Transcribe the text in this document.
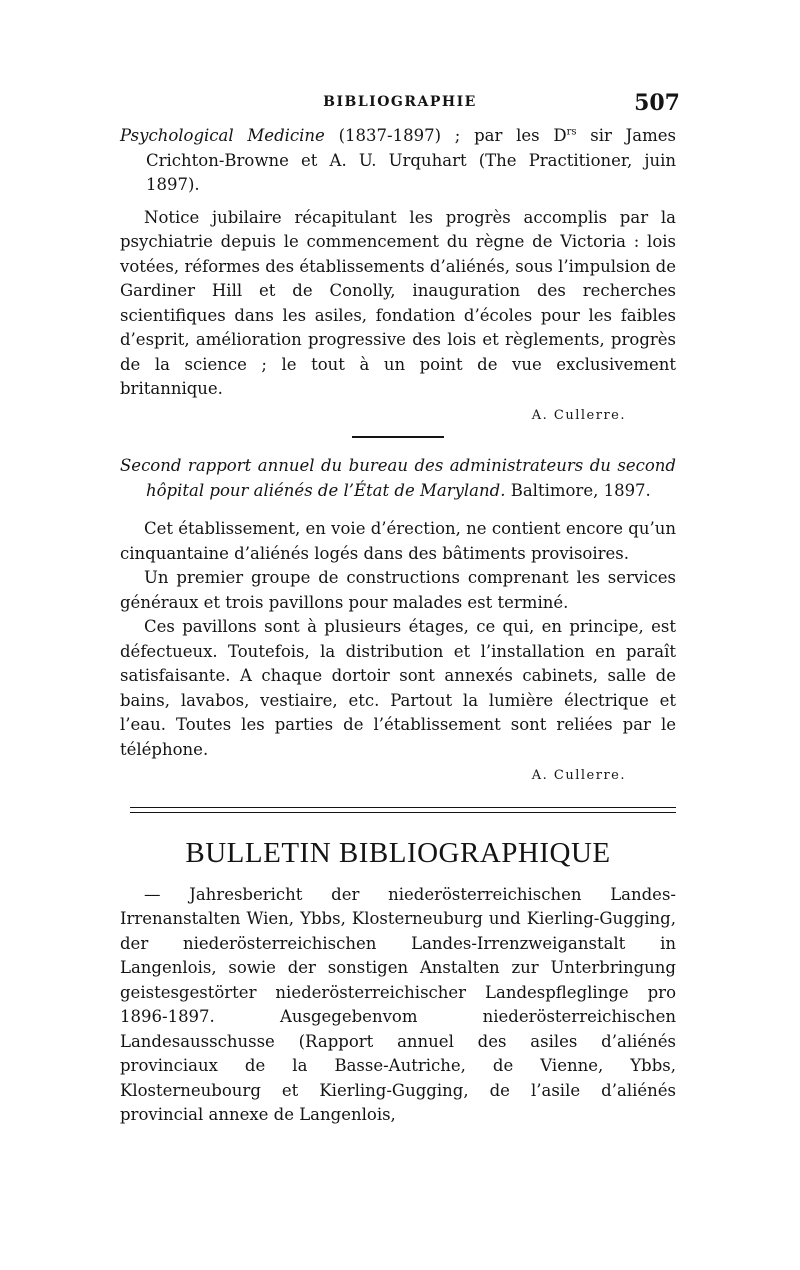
BIBLIOGRAPHIE	507

Psychological Medicine (1837-1897) ; par les $D^{rs}$ sir James Crichton-Browne et A. U. Urquhart (The Practitioner, juin 1897).

Notice jubilaire récapitulant les progrès accomplis par la psychiatrie depuis le commencement du règne de Victoria : lois votées, réformes des établissements d’aliénés, sous l’impulsion de Gardiner Hill et de Conolly, inauguration des recherches scientifiques dans les asiles, fondation d’écoles pour les faibles d’esprit, amélioration progressive des lois et règlements, progrès de la science ; le tout à un point de vue exclusivement britannique.

A. Cullerre.

Second rapport annuel du bureau des administrateurs du second hôpital pour aliénés de l’État de Maryland. Baltimore, 1897.

Cet établissement, en voie d’érection, ne contient encore qu’un cinquantaine d’aliénés logés dans des bâtiments provisoires.

Un premier groupe de constructions comprenant les services généraux et trois pavillons pour malades est terminé.

Ces pavillons sont à plusieurs étages, ce qui, en principe, est défectueux. Toutefois, la distribution et l’installation en paraît satisfaisante. A chaque dortoir sont annexés cabinets, salle de bains, lavabos, vestiaire, etc. Partout la lumière électrique et l’eau. Toutes les parties de l’établissement sont reliées par le téléphone.

A. Cullerre.

BULLETIN BIBLIOGRAPHIQUE

— Jahresbericht der niederösterreichischen Landes-Irrenanstalten Wien, Ybbs, Klosterneuburg und Kierling-Gugging, der niederösterreichischen Landes-Irrenzweiganstalt in Langenlois, sowie der sonstigen Anstalten zur Unterbringung geistesgestörter niederösterreichischer Landespfleglinge pro 1896-1897. Ausgegebenvom niederösterreichischen Landesausschusse (Rapport annuel des asiles d’aliénés provinciaux de la Basse-Autriche, de Vienne, Ybbs, Klosterneubourg et Kierling-Gugging, de l’asile d’aliénés provincial annexe de Langenlois,
